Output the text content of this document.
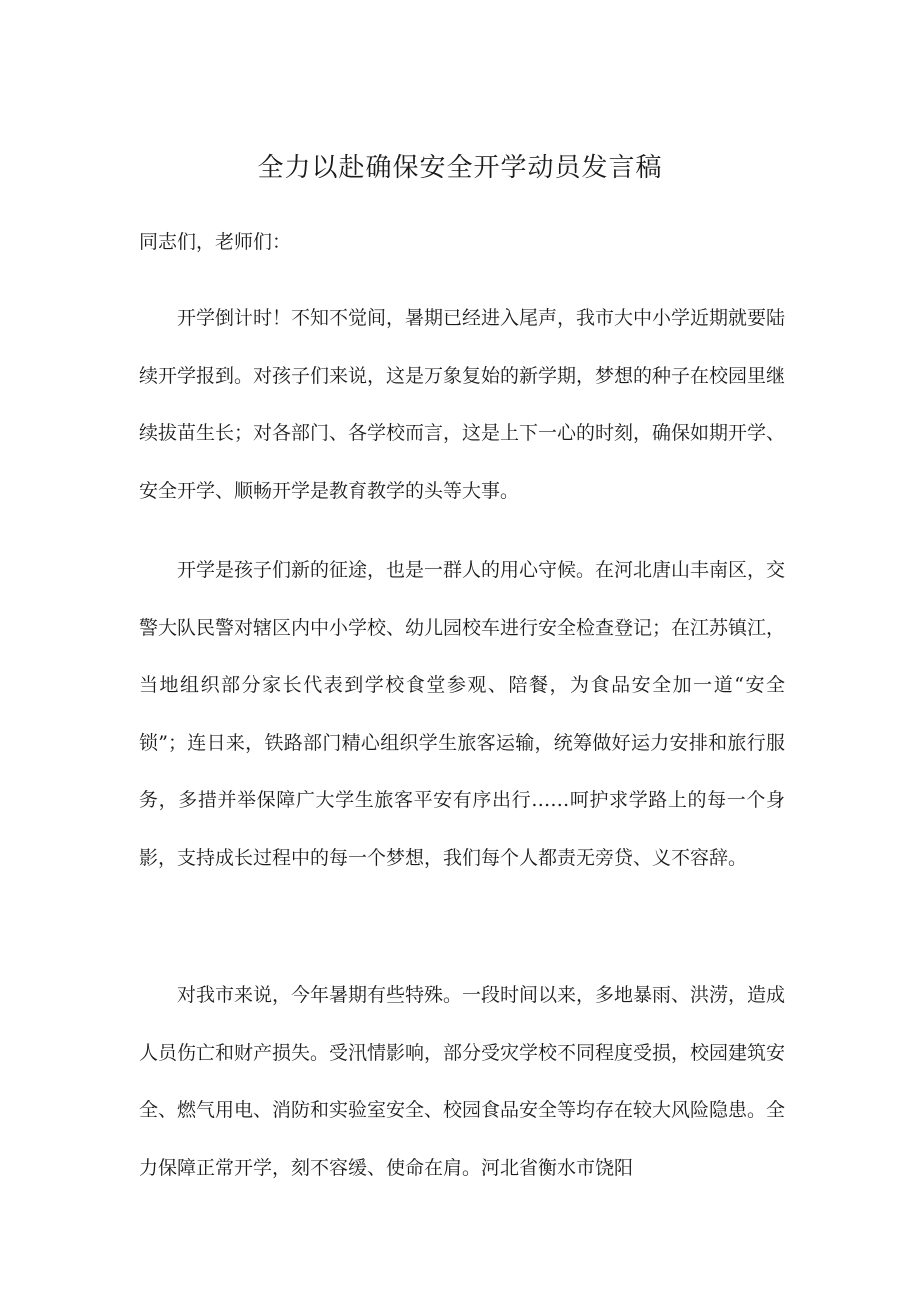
全力以赴确保安全开学动员发言稿

同志们，老师们：

开学倒计时！不知不觉间，暑期已经进入尾声，我市大中小学近期就要陆续开学报到。对孩子们来说，这是万象复始的新学期，梦想的种子在校园里继续拔苗生长；对各部门、各学校而言，这是上下一心的时刻，确保如期开学、安全开学、顺畅开学是教育教学的头等大事。

开学是孩子们新的征途，也是一群人的用心守候。在河北唐山丰南区，交警大队民警对辖区内中小学校、幼儿园校车进行安全检查登记；在江苏镇江，当地组织部分家长代表到学校食堂参观、陪餐，为食品安全加一道“安全锁”；连日来，铁路部门精心组织学生旅客运输，统筹做好运力安排和旅行服务，多措并举保障广大学生旅客平安有序出行……呵护求学路上的每一个身影，支持成长过程中的每一个梦想，我们每个人都责无旁贷、义不容辞。

对我市来说，今年暑期有些特殊。一段时间以来，多地暴雨、洪涝，造成人员伤亡和财产损失。受汛情影响，部分受灾学校不同程度受损，校园建筑安全、燃气用电、消防和实验室安全、校园食品安全等均存在较大风险隐患。全力保障正常开学，刻不容缓、使命在肩。河北省衡水市饶阳
